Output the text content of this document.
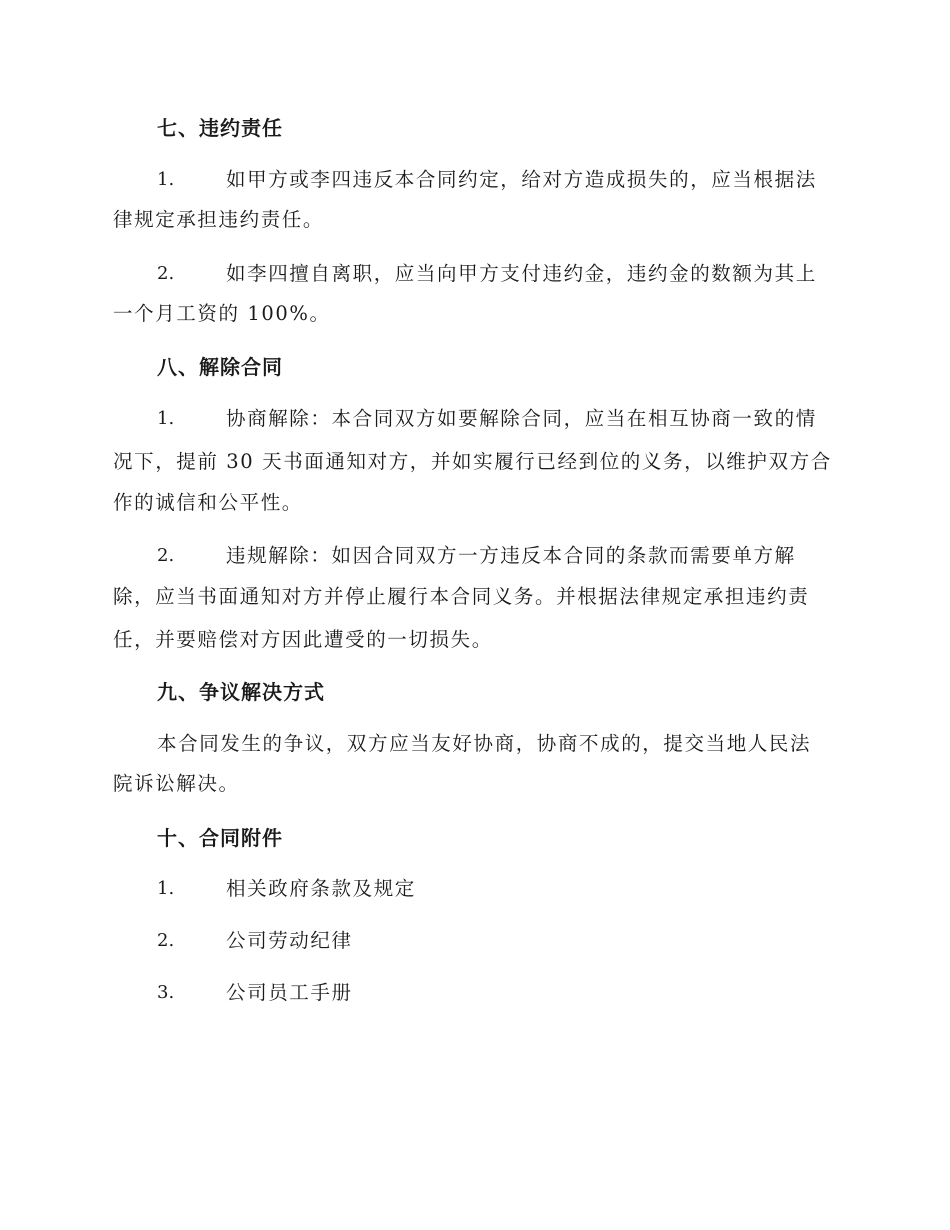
七、违约责任
1.	如甲方或李四违反本合同约定，给对方造成损失的，应当根据法
律规定承担违约责任。
2.	如李四擅自离职，应当向甲方支付违约金，违约金的数额为其上
一个月工资的 100%。
八、解除合同
1.	协商解除：本合同双方如要解除合同，应当在相互协商一致的情
况下，提前 30 天书面通知对方，并如实履行已经到位的义务，以维护双方合
作的诚信和公平性。
2.	违规解除：如因合同双方一方违反本合同的条款而需要单方解
除，应当书面通知对方并停止履行本合同义务。并根据法律规定承担违约责
任，并要赔偿对方因此遭受的一切损失。
九、争议解决方式
本合同发生的争议，双方应当友好协商，协商不成的，提交当地人民法
院诉讼解决。
十、合同附件
1.	相关政府条款及规定
2.	公司劳动纪律
3.	公司员工手册
